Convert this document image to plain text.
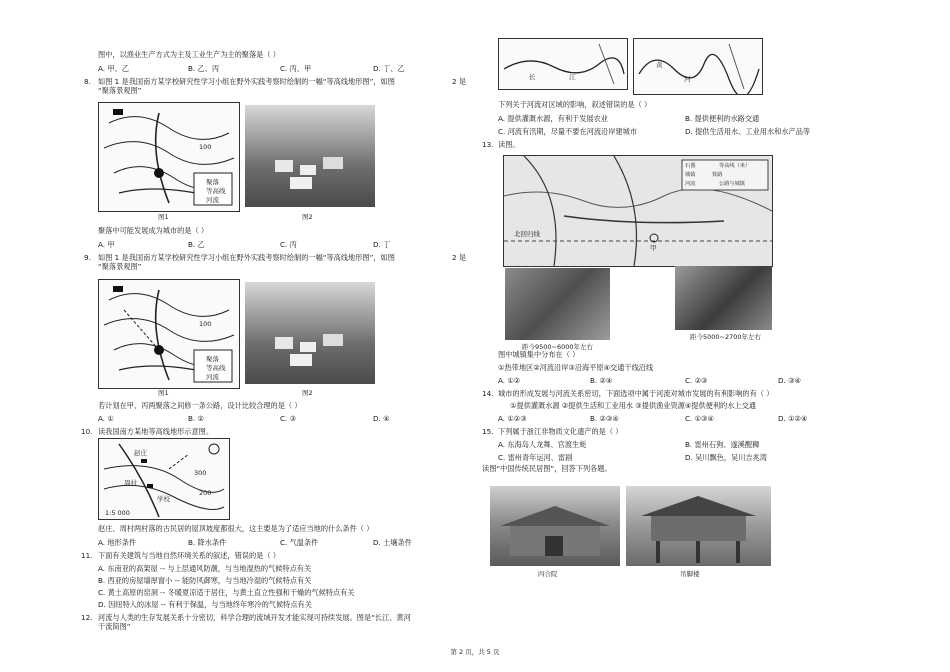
图中，以渔业生产方式为主及工业生产为主的聚落是（ ）
A. 甲、乙	B. 乙、丙	C. 丙、甲	D. 丁、乙
8. 如图 1 是我国南方某学校研究性学习小组在野外实践考察时绘制的一幅“等高线地形图”，如图	2 是
“聚落景观图”
聚落
等高线
河流
100
图1	图2
聚落中可能发展成为城市的是（ ）
A. 甲	B. 乙	C. 丙	D. 丁
9. 如图 1 是我国南方某学校研究性学习小组在野外实践考察时绘制的一幅“等高线地形图”，如图	2 是
“聚落景观图”
聚落
等高线
河流
100
图1	图2
若计划在甲、丙两聚落之间修一条公路，设计比较合理的是（ ）
A. ①	B. ②	C. ③	D. ④
10. 读我国南方某地等高线地形示意图。
赵庄
周村
学校
300
200
1:5 000
赵庄、周村两村落的古民居的屋顶坡度都很大，这主要是为了适应当地的什么条件（ ）
A. 地形条件	B. 降水条件	C. 气温条件	D. 土壤条件
11. 下面有关建筑与当地自然环境关系的叙述，错误的是（ ）
A. 东南亚的高架屋 -- 与上层通风防潮，与当地湿热的气候特点有关
B. 西亚的房屋墙厚窗小 -- 能防风御寒，与当地冷湿的气候特点有关
C. 黄土高原的窑洞 -- 冬暖夏凉适于居住，与黄土直立性强和干燥的气候特点有关
D. 因纽特人的冰屋 -- 有利于保温，与当地终年寒冷的气候特点有关
12. 河流与人类的生存发展关系十分密切，科学合理的流域开发才能实现可持续发展。图是“长江、黄河
干流简图”
长	江
黄
河
下列关于河流对区域的影响，叙述错误的是（ ）
A. 提供灌溉水源，有利于发展农业	B. 提供便利的水路交通
C. 河流有汛期，尽量不要在河流沿岸建城市	D. 提供生活用水、工业用水和水产品等
13. 读图。
石器	等高线（米）
城镇	铁路
河流	公路与城镇
北回归线
甲
距今9500~6000年左右
距今5000~2700年左右
图中城镇集中分布在（ ）
①热带地区②河流沿岸③沿海平原④交通干线沿线
A. ①②	B. ②④	C. ②③	D. ③④
14. 城市的形成发展与河流关系密切，下面选项中属于河流对城市发展的有利影响的有（ ）
①提供灌溉水源 ②提供生活和工业用水 ③提供渔业资源④提供便利的水上交通
A. ①②③	B. ②③④	C. ①③④	D. ①②④
15. 下列属于浙江非物质文化遗产的是（ ）
A. 东海岛人龙舞、官渡生蚝	B. 雷州石狗、遂溪醒狮
C. 雷州青年运河、雷剧	D. 吴川飘色，吴川吉兆湾
读图“中国传统民居图”，回答下列各题。
四合院	吊脚楼
第 2 页，共 5 页
